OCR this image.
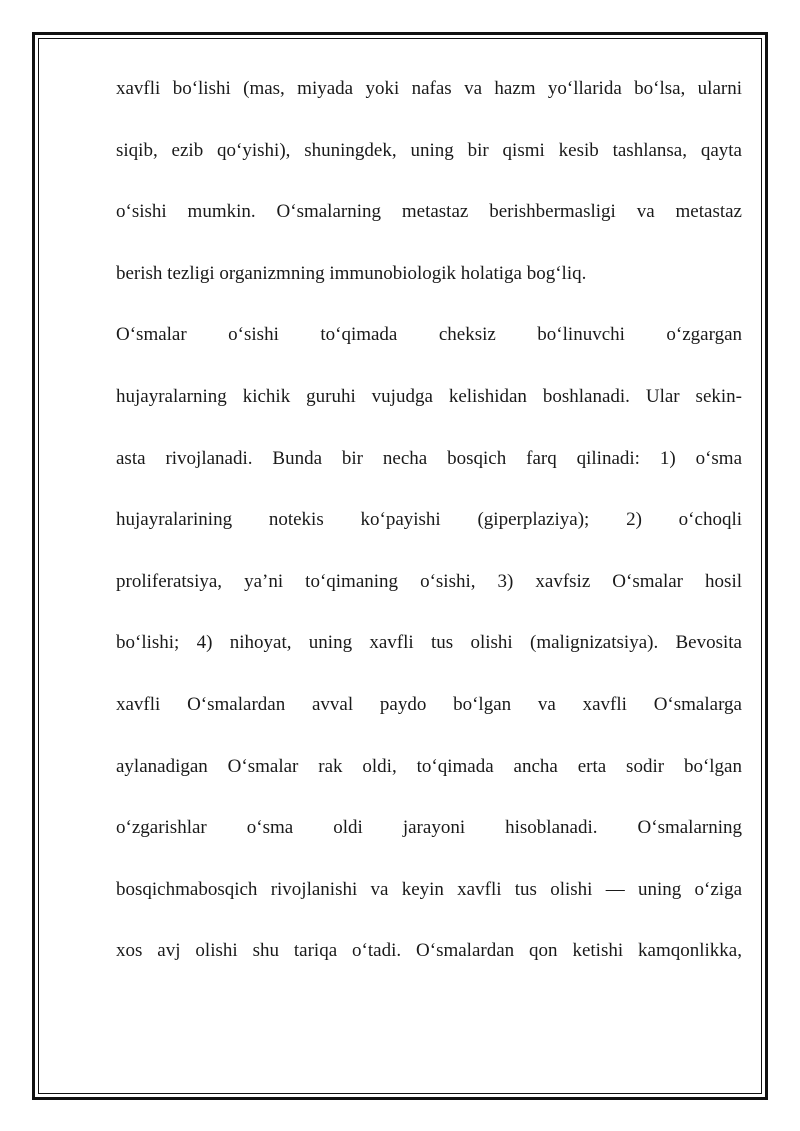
xavfli bo‘lishi (mas, miyada yoki nafas va hazm yo‘llarida bo‘lsa, ularni
siqib, ezib qo‘yishi), shuningdek, uning bir qismi kesib tashlansa, qayta
o‘sishi mumkin. O‘smalarning metastaz berishbermasligi va metastaz
berish tezligi organizmning immunobiologik holatiga bog‘liq.
O‘smalar o‘sishi to‘qimada cheksiz bo‘linuvchi o‘zgargan
hujayralarning kichik guruhi vujudga kelishidan boshlanadi. Ular sekin-
asta rivojlanadi. Bunda bir necha bosqich farq qilinadi: 1) o‘sma
hujayralarining notekis ko‘payishi (giperplaziya); 2) o‘choqli
proliferatsiya, ya’ni to‘qimaning o‘sishi, 3) xavfsiz O‘smalar hosil
bo‘lishi; 4) nihoyat, uning xavfli tus olishi (malignizatsiya). Bevosita
xavfli O‘smalardan avval paydo bo‘lgan va xavfli O‘smalarga
aylanadigan O‘smalar rak oldi, to‘qimada ancha erta sodir bo‘lgan
o‘zgarishlar o‘sma oldi jarayoni hisoblanadi. O‘smalarning
bosqichmabosqich rivojlanishi va keyin xavfli tus olishi — uning o‘ziga
xos avj olishi shu tariqa o‘tadi. O‘smalardan qon ketishi kamqonlikka,
